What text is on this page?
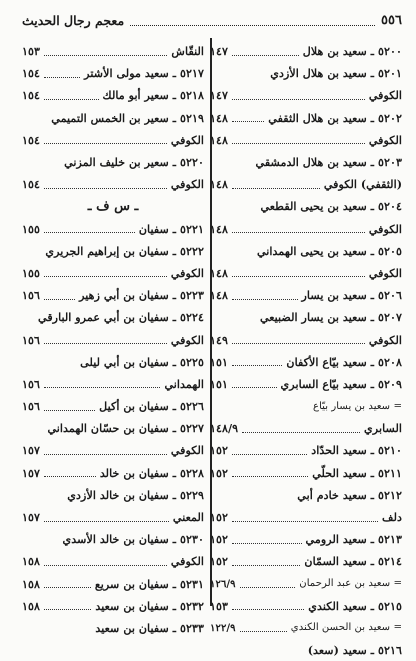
٥٥٦
معجم رجال الحديث
٥٢٠٠ ـ سعيد بن هلال
١٤٧
٥٢٠١ ـ سعيد بن هلال الأزدي
الكوفي
١٤٧
٥٢٠٢ ـ سعيد بن هلال الثقفي
١٤٨
الكوفي
١٤٨
٥٢٠٣ ـ سعيد بن هلال الدمشقي
(الثقفي) الكوفي
١٤٨
٥٢٠٤ ـ سعيد بن يحيى القطعي
الكوفي
١٤٨
٥٢٠٥ ـ سعيد بن يحيى الهمداني
الكوفي
١٤٨
٥٢٠٦ ـ سعيد بن يسار
١٤٨
٥٢٠٧ ـ سعيد بن يسار الضبيعي
الكوفي
١٤٩
٥٢٠٨ ـ سعيد بيّاع الأكفان
١٥١
٥٢٠٩ ـ سعيد بيّاع السابري
١٥١
= سعيد بن يسار بيّاع
السابري
١٤٨/٩
٥٢١٠ ـ سعيد الحدّاد
١٥٢
٥٢١١ ـ سعيد الحلّي
١٥٢
٥٢١٢ ـ سعيد خادم أبي
دلف
١٥٢
٥٢١٣ ـ سعيد الرومي
١٥٢
٥٢١٤ ـ سعيد السمّان
١٥٢
= سعيد بن عبد الرحمان
١٢٦/٩
٥٢١٥ ـ سعيد الكندي
١٥٣
= سعيد بن الحسن الكندي
١٢٢/٩
٥٢١٦ ـ سعيد (سعد)
النقّاش
١٥٣
٥٢١٧ ـ سعيد مولى الأشتر
١٥٤
٥٢١٨ ـ سعير أبو مالك
١٥٤
٥٢١٩ ـ سعير بن الخمس التميمي
الكوفي
١٥٤
٥٢٢٠ ـ سعير بن خليف المزني
الكوفي
١٥٤
ـ س ف ـ
٥٢٢١ ـ سفيان
١٥٥
٥٢٢٢ ـ سفيان بن إبراهيم الجريري
الكوفي
١٥٥
٥٢٢٣ ـ سفيان بن أبي زهير
١٥٦
٥٢٢٤ ـ سفيان بن أبي عمرو البارقي
الكوفي
١٥٦
٥٢٢٥ ـ سفيان بن أبي ليلى
الهمداني
١٥٦
٥٢٢٦ ـ سفيان بن أكيل
١٥٦
٥٢٢٧ ـ سفيان بن حسّان الهمداني
الكوفي
١٥٧
٥٢٢٨ ـ سفيان بن خالد
١٥٧
٥٢٢٩ ـ سفيان بن خالد الأزدي
المعني
١٥٧
٥٢٣٠ ـ سفيان بن خالد الأسدي
الكوفي
١٥٨
٥٢٣١ ـ سفيان بن سريع
١٥٨
٥٢٣٢ ـ سفيان بن سعيد
١٥٨
٥٢٣٣ ـ سفيان بن سعيد
